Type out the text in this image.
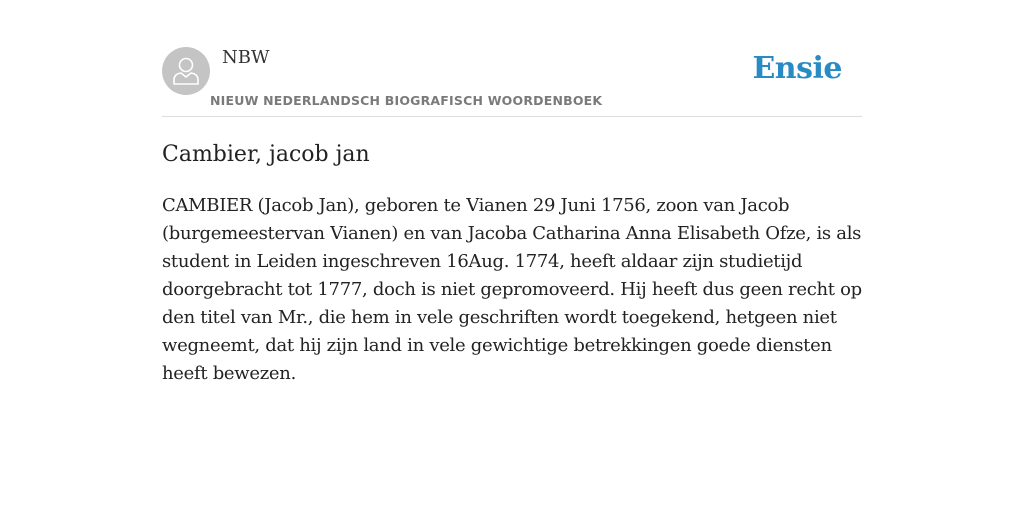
NBW
NIEUW NEDERLANDSCH BIOGRAFISCH WOORDENBOEK
Ensie
Cambier, jacob jan

CAMBIER (Jacob Jan), geboren te Vianen 29 Juni 1756, zoon van Jacob (burgemeestervan Vianen) en van Jacoba Catharina Anna Elisabeth Ofze, is als student in Leiden ingeschreven 16Aug. 1774, heeft aldaar zijn studietijd doorgebracht tot 1777, doch is niet gepromoveerd. Hij heeft dus geen recht op den titel van Mr., die hem in vele geschriften wordt toegekend, hetgeen niet wegneemt, dat hij zijn land in vele gewichtige betrekkingen goede diensten heeft bewezen.
